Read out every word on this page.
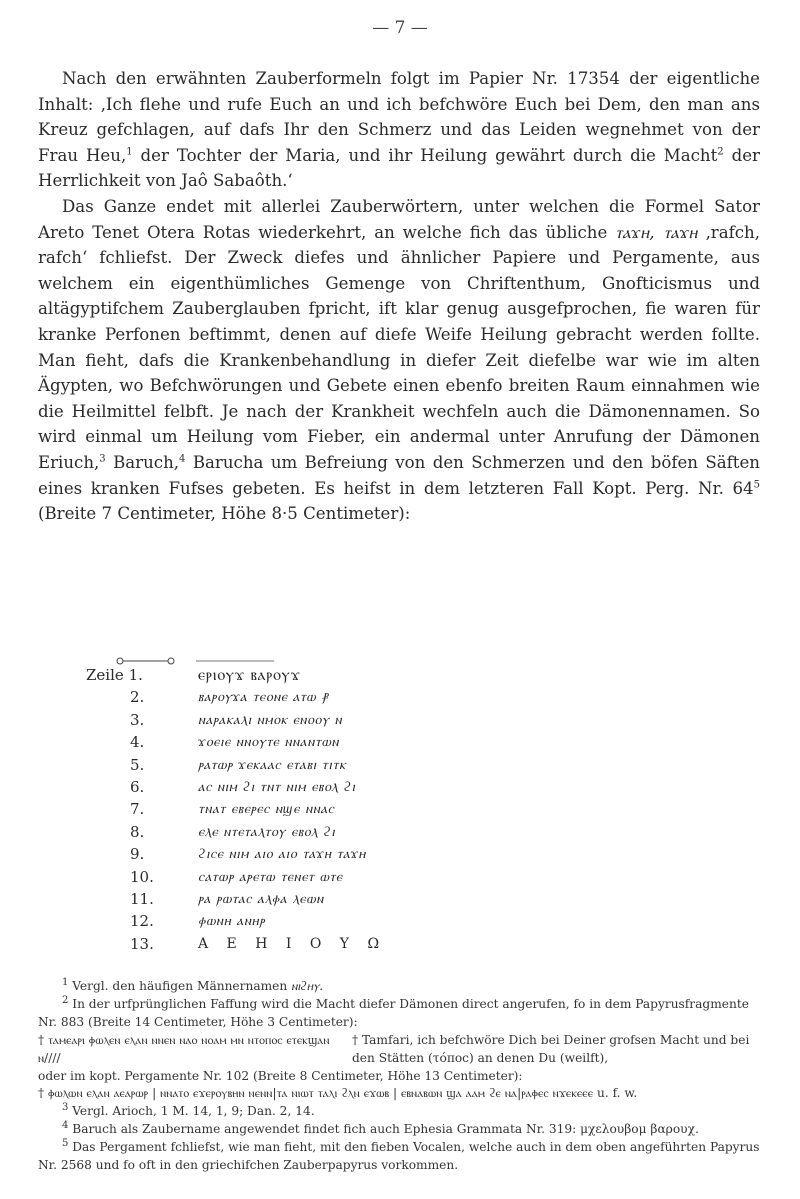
— 7 —

Nach den erwähnten Zauberformeln folgt im Papier Nr. 17354 der eigentliche Inhalt: ‚Ich flehe und rufe Euch an und ich befchwöre Euch bei Dem, den man ans Kreuz gefchlagen, auf dafs Ihr den Schmerz und das Leiden wegnehmet von der Frau Heu,$^1$ der Tochter der Maria, und ihr Heilung gewährt durch die Macht$^2$ der Herrlichkeit von Jaô Sabaôth.‘

Das Ganze endet mit allerlei Zauberwörtern, unter welchen die Formel Sator Areto Tenet Otera Rotas wiederkehrt, an welche fich das übliche ⲧⲁϫⲏ, ⲧⲁϫⲏ ‚rafch, rafch‘ fchliefst. Der Zweck diefes und ähnlicher Papiere und Pergamente, aus welchem ein eigenthümliches Gemenge von Chriftenthum, Gnofticismus und altägyptifchem Zauberglauben fpricht, ift klar genug ausgefprochen, fie waren für kranke Perfonen beftimmt, denen auf diefe Weife Heilung gebracht werden follte. Man fieht, dafs die Krankenbehandlung in diefer Zeit diefelbe war wie im alten Ägypten, wo Befchwörungen und Gebete einen ebenfo breiten Raum einnahmen wie die Heilmittel felbft. Je nach der Krankheit wechfeln auch die Dämonennamen. So wird einmal um Heilung vom Fieber, ein andermal unter Anrufung der Dämonen Eriuch,$^3$ Baruch,$^4$ Barucha um Befreiung von den Schmerzen und den böfen Säften eines kranken Fufses gebeten. Es heifst in dem letzteren Fall Kopt. Perg. Nr. $64^5$ (Breite 7 Centimeter, Höhe 8·5 Centimeter):

Zeile 1.	ⲉⲣⲓⲟⲩϫ ⲃⲁⲣⲟⲩϫ
2.	ⲃⲁⲣⲟⲩϫⲁ ⲧⲉⲟⲛⲉ ⲁⲧⲱ ⳁ
3.	ⲛⲁⲣⲁⲕⲁⲗⲓ ⲛⲙⲟⲕ ⲉⲛⲟⲟⲩ ⲛ
4.	ϫⲟⲉⲓⲉ ⲛⲛⲟⲩⲧⲉ ⲛⲛⲁⲛⲧⲱⲛ
5.	ⲣⲁⲧⲱⲣ ϫⲉⲕⲁⲁⲥ ⲉⲧⲁⲃⲓ ⲧⲓⲧⲕ
6.	ⲁⲥ ⲛⲓⲙ ϩⲓ ⲧⲛⲧ ⲛⲓⲙ ⲉⲃⲟⲗ ϩⲓ
7.	ⲧⲛⲁⲧ ⲉⲃⲉⲣⲉⲥ ⲛϣⲉ ⲛⲛⲁⲥ
8.	ⲉⲗⲉ ⲛⲧⲉⲧⲁⲗⲧⲟⲩ ⲉⲃⲟⲗ ϩⲓ
9.	ϩⲓⲥⲉ ⲛⲓⲙ ⲁⲓⲟ ⲁⲓⲟ ⲧⲁϫⲏ ⲧⲁϫⲏ
10.	ⲥⲁⲧⲱⲣ ⲁⲣⲉⲧⲱ ⲧⲉⲛⲉⲧ ⲱⲧⲉ
11.	ⲣⲁ ⲣⲱⲧⲁⲥ ⲁⲗⲫⲁ ⲗⲉⲱⲛ
12.	ⲫⲱⲛⲏ ⲁⲛⲏⲣ
13.	Α Ε Η Ι Ο Υ Ω

$^1$ Vergl. den häufigen Männernamen ⲛⲓϩⲏⲩ.

$^2$ In der urfprünglichen Faffung wird die Macht diefer Dämonen direct angerufen, fo in dem Papyrusfragmente Nr. 883 (Breite 14 Centimeter, Höhe 3 Centimeter):

† ⲧⲁⲙⲉⲁⲣⲓ ⲫⲱⲗⲉⲛ ⲉⲗⲁⲛ ⲛⲛⲉⲛ ⲛⲁⲟ ⲛⲟⲁⲙ ⲙⲛ ⲛⲧⲟⲡⲟⲥ ⲉⲧⲉⲕϣⲁⲛ ⲛ////
† Tamfari, ich befchwöre Dich bei Deiner grofsen Macht und bei den Stätten (τόποϲ) an denen Du (weilft),

oder im kopt. Pergamente Nr. 102 (Breite 8 Centimeter, Höhe 13 Centimeter):

† ⲫⲱⲗⲱⲛ ⲉⲗⲁⲛ ⲁⲉⲁⲣⲱⲣ | ⲛⲛⲁⲧⲟ ⲉϫⲉⲣⲟⲩⲃⲏⲛ ⲛⲉⲛⲛ|ⲧⲁ ⲛⲓⲱⲧ ⲧⲁⲗⲓ ϩⲗⲛ ⲉϫⲱⲃ | ⲉⲃⲛⲁⲃⲱⲛ ϣⲁ ⲁⲁⲙ ϩⲉ ⲛⲁ|ⲣⲁⲫⲉⲥ ⲛϫⲉⲕⲉⲉⲉ u. f. w.

$^3$ Vergl. Arioch, 1 M. 14, 1, 9; Dan. 2, 14.

$^4$ Baruch als Zaubername angewendet findet fich auch Ephesia Grammata Nr. 319: μχελουβομ βαρουχ.

$^5$ Das Pergament fchliefst, wie man fieht, mit den fieben Vocalen, welche auch in dem oben angeführten Papyrus Nr. 2568 und fo oft in den griechifchen Zauberpapyrus vorkommen.
